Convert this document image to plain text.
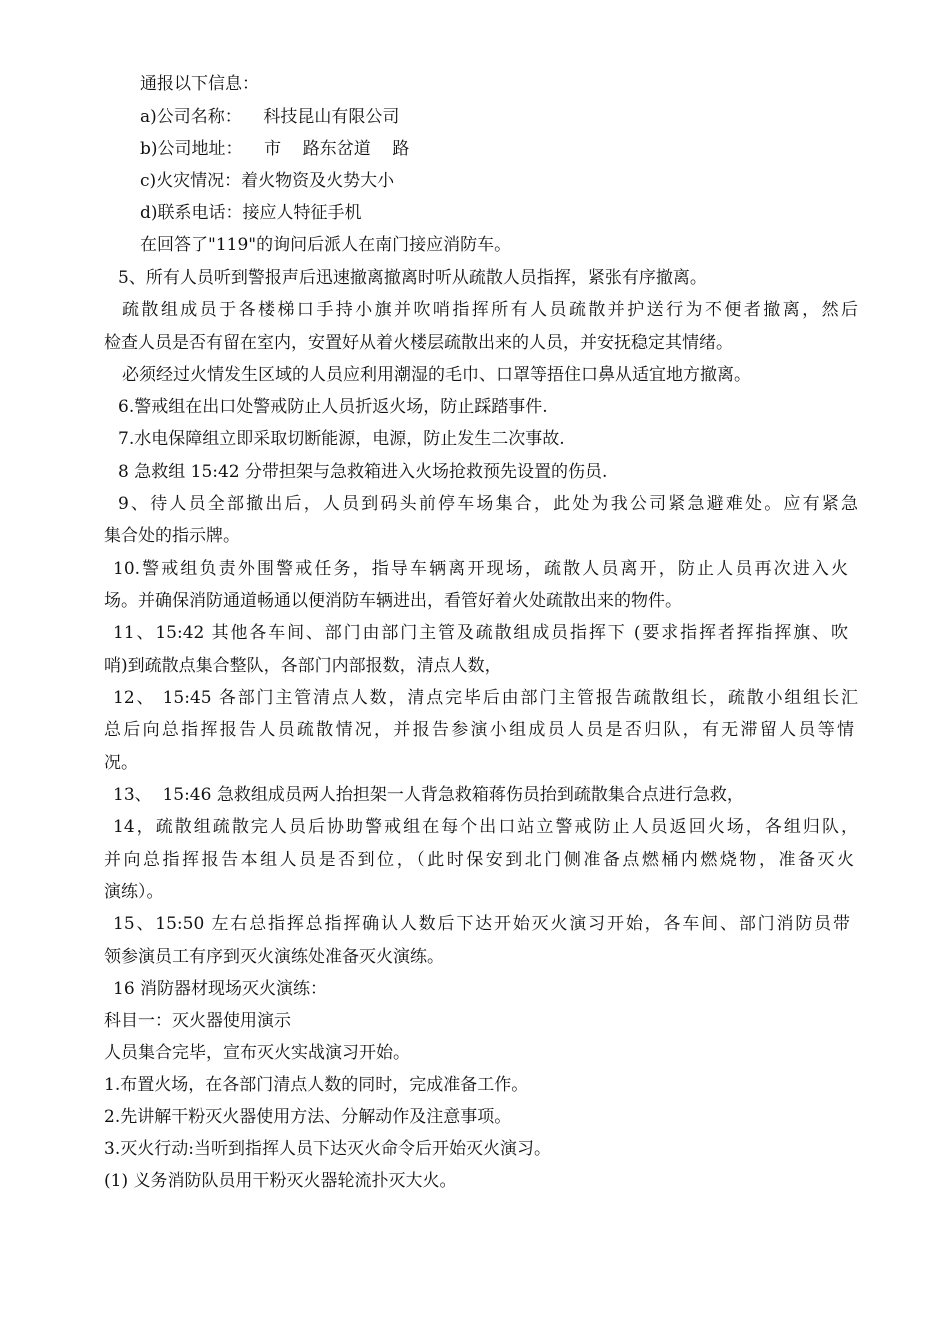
通报以下信息：

a)公司名称：    科技昆山有限公司

b)公司地址：    市    路东岔道    路

c)火灾情况：着火物资及火势大小

d)联系电话：接应人特征手机

在回答了"119"的询问后派人在南门接应消防车。

5、所有人员听到警报声后迅速撤离撤离时听从疏散人员指挥，紧张有序撤离。

疏散组成员于各楼梯口手持小旗并吹哨指挥所有人员疏散并护送行为不便者撤离，然后

检查人员是否有留在室内，安置好从着火楼层疏散出来的人员，并安抚稳定其情绪。

必须经过火情发生区域的人员应利用潮湿的毛巾、口罩等捂住口鼻从适宜地方撤离。

6.警戒组在出口处警戒防止人员折返火场，防止踩踏事件.

7.水电保障组立即采取切断能源，电源，防止发生二次事故.

8 急救组 15:42 分带担架与急救箱进入火场抢救预先设置的伤员.

9、待人员全部撤出后，人员到码头前停车场集合，此处为我公司紧急避难处。应有紧急

集合处的指示牌。

10.警戒组负责外围警戒任务，指导车辆离开现场，疏散人员离开，防止人员再次进入火

场。并确保消防通道畅通以便消防车辆进出，看管好着火处疏散出来的物件。

11、15:42 其他各车间、部门由部门主管及疏散组成员指挥下 (要求指挥者挥指挥旗、吹

哨)到疏散点集合整队，各部门内部报数，清点人数，

12、 15:45 各部门主管清点人数，清点完毕后由部门主管报告疏散组长，疏散小组组长汇

总后向总指挥报告人员疏散情况，并报告参演小组成员人员是否归队，有无滞留人员等情

况。

13、  15:46 急救组成员两人抬担架一人背急救箱蒋伤员抬到疏散集合点进行急救，

14，疏散组疏散完人员后协助警戒组在每个出口站立警戒防止人员返回火场，各组归队，

并向总指挥报告本组人员是否到位，（此时保安到北门侧准备点燃桶内燃烧物，准备灭火

演练）。

15、15:50 左右总指挥总指挥确认人数后下达开始灭火演习开始，各车间、部门消防员带

领参演员工有序到灭火演练处准备灭火演练。

16 消防器材现场灭火演练：

科目一：灭火器使用演示

人员集合完毕，宣布灭火实战演习开始。

1.布置火场，在各部门清点人数的同时，完成准备工作。

2.先讲解干粉灭火器使用方法、分解动作及注意事项。

3.灭火行动:当听到指挥人员下达灭火命令后开始灭火演习。

(1) 义务消防队员用干粉灭火器轮流扑灭大火。
